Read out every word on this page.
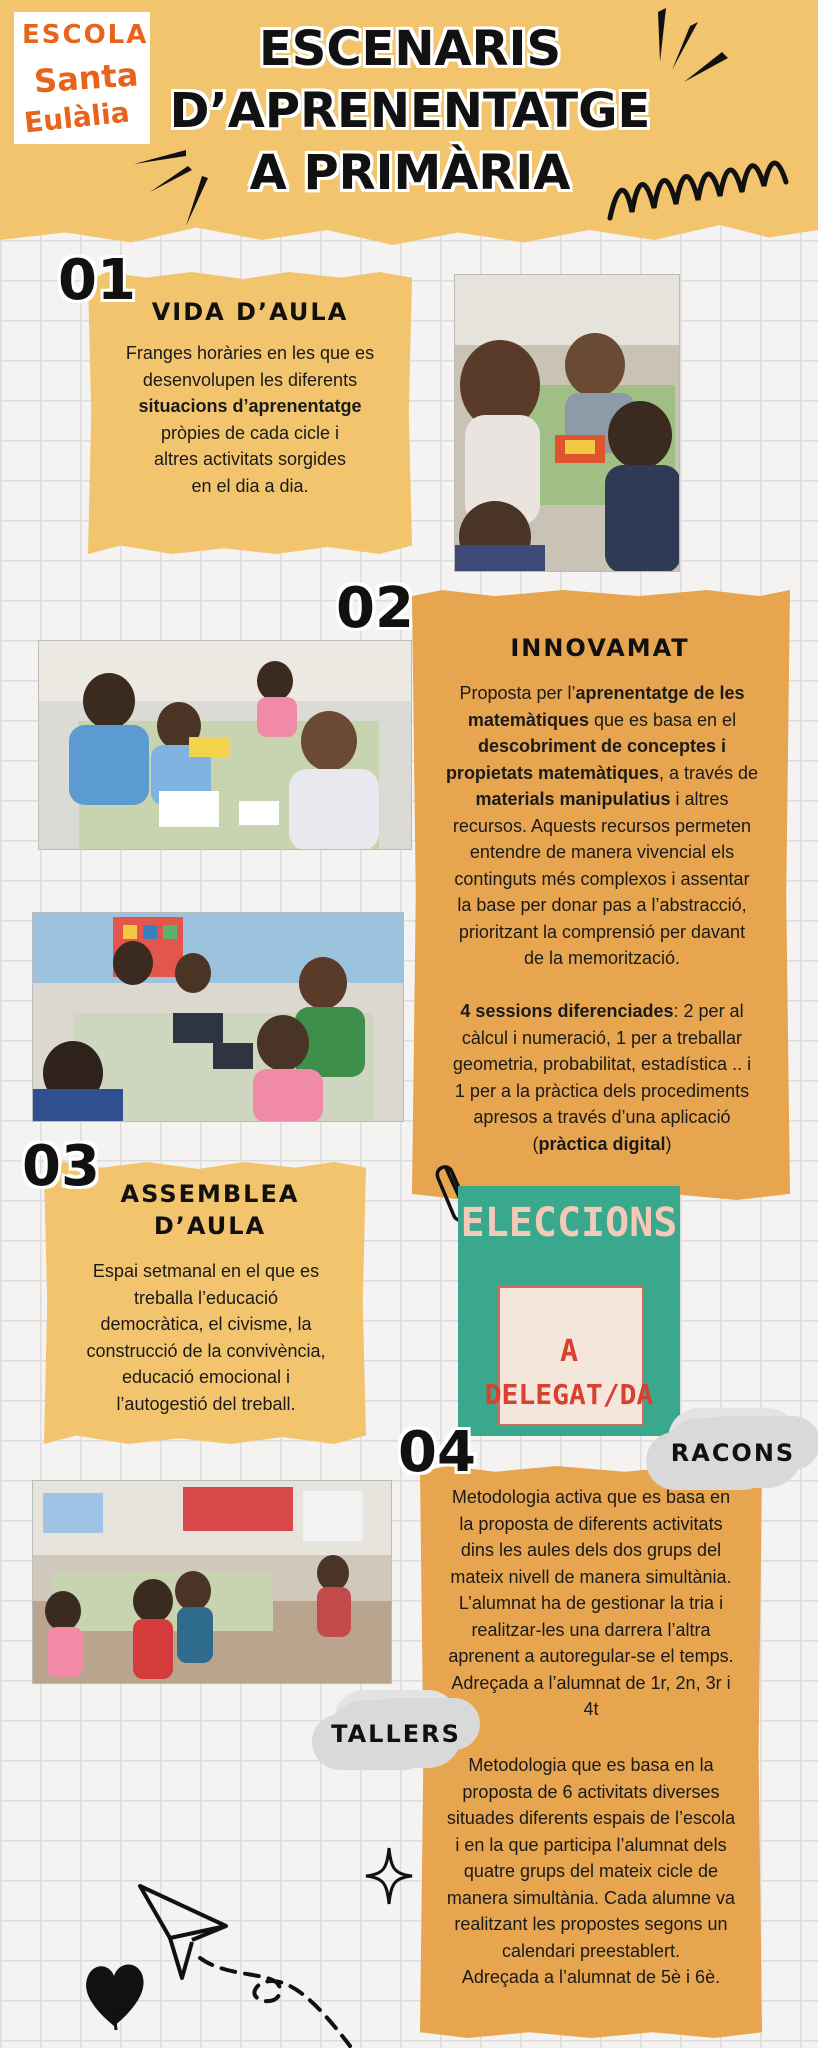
ESCOLA
Santa
Eulàlia
ESCENARIS
D’APRENENTATGE
A PRIMÀRIA
01 VIDA D’AULA
Franges horàries en les que es
desenvolupen les diferents
situacions d’aprenentatge
pròpies de cada cicle i
altres activitats sorgides
en el dia a dia.
02
INNOVAMAT
Proposta per l’aprenentatge de les
matemàtiques que es basa en el
descobriment de conceptes i
propietats matemàtiques, a través de
materials manipulatius i altres
recursos. Aquests recursos permeten
entendre de manera vivencial els
continguts més complexos i assentar
la base per donar pas a l’abstracció,
prioritzant la comprensió per davant
de la memorització.
4 sessions diferenciades: 2 per al
càlcul i numeració, 1 per a treballar
geometria, probabilitat, estadística .. i
1 per a la pràctica dels procediments
apresos a través d’una aplicació
(pràctica digital)
03 ASSEMBLEA
D’AULA
Espai setmanal en el que es
treballa l’educació
democràtica, el civisme, la
construcció de la convivència,
educació emocional i
l’autogestió del treball.
ELECCIONS
A
DELEGAT/DA
04	RACONS
Metodologia activa que es basa en
la proposta de diferents activitats
dins les aules dels dos grups del
mateix nivell de manera simultània.
L’alumnat ha de gestionar la tria i
realitzar-les una darrera l’altra
aprenent a autoregular-se el temps.
Adreçada a l’alumnat de 1r, 2n, 3r i
4t
TALLERS
Metodologia que es basa en la
proposta de 6 activitats diverses
situades diferents espais de l’escola
i en la que participa l’alumnat dels
quatre grups del mateix cicle de
manera simultània. Cada alumne va
realitzant les propostes segons un
calendari preestablert.
Adreçada a l’alumnat de 5è i 6è.
